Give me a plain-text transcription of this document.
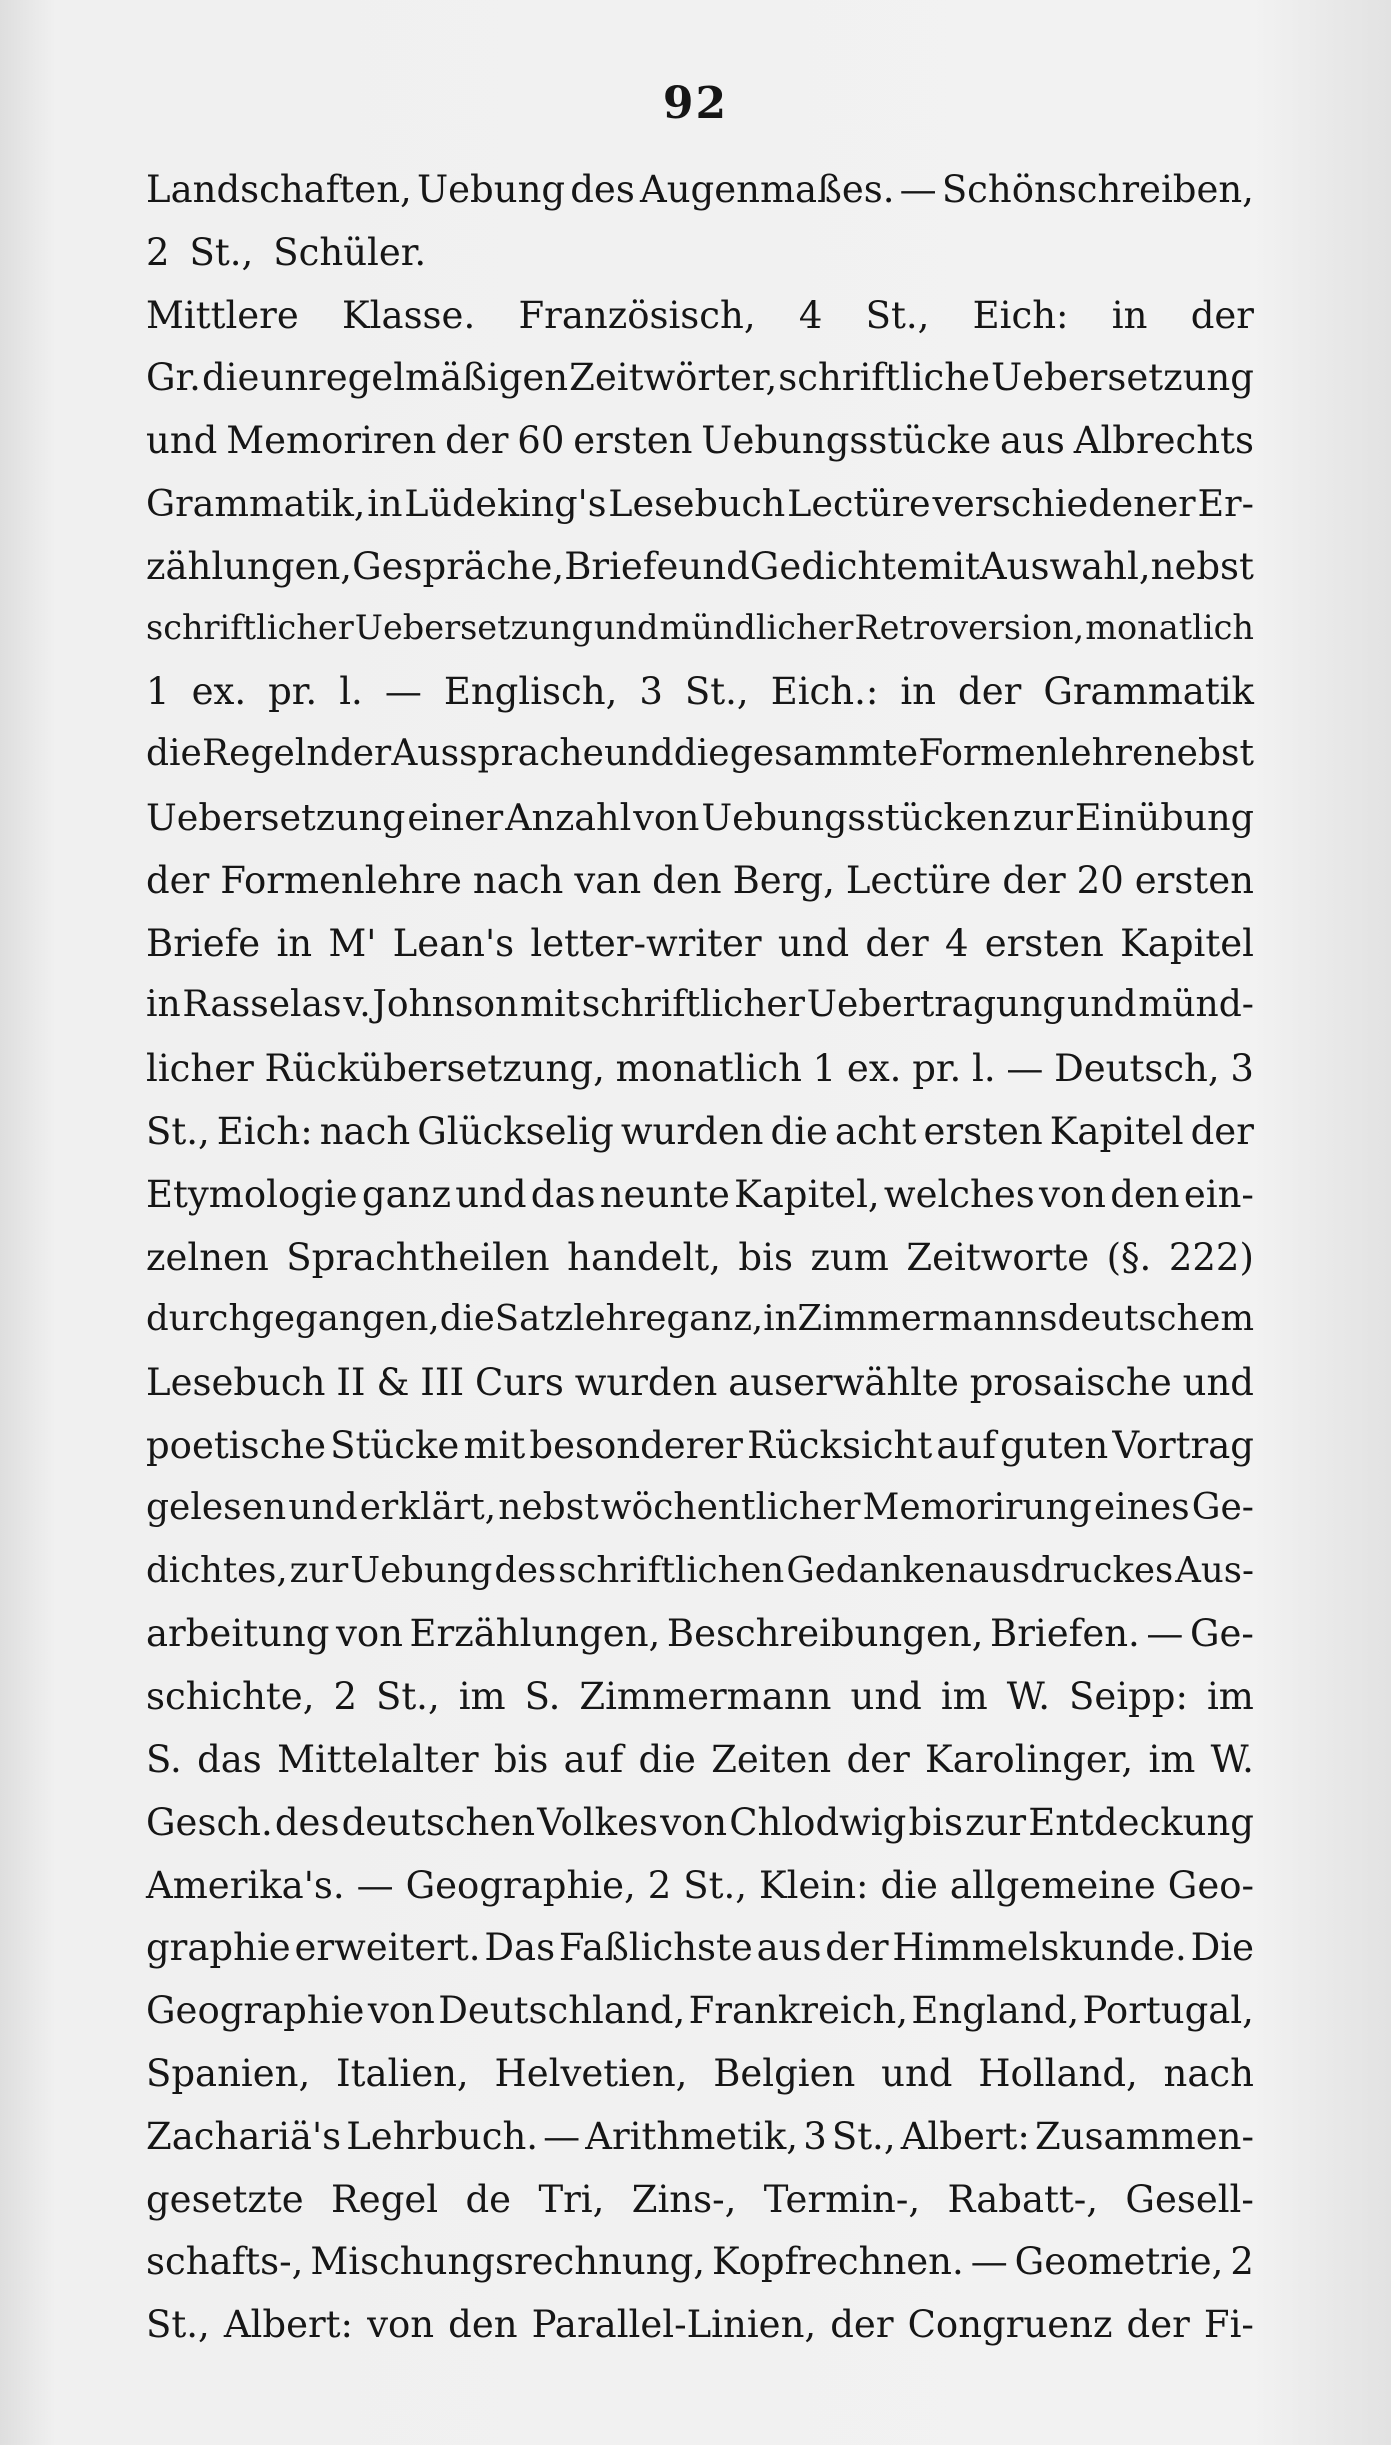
92
Landschaften, Uebung des Augenmaßes. — Schönschreiben,
2 St., Schüler.
Mittlere Klasse. Französisch, 4 St., Eich: in der
Gr. die unregelmäßigen Zeitwörter, schriftliche Uebersetzung
und Memoriren der 60 ersten Uebungsstücke aus Albrechts
Grammatik, in Lüdeking's Lesebuch Lectüre verschiedener Er-
zählungen, Gespräche, Briefe und Gedichte mit Auswahl, nebst
schriftlicher Uebersetzung und mündlicher Retroversion, monatlich
1 ex. pr. l. — Englisch, 3 St., Eich.: in der Grammatik
die Regeln der Aussprache und die gesammte Formenlehre nebst
Uebersetzung einer Anzahl von Uebungsstücken zur Einübung
der Formenlehre nach van den Berg, Lectüre der 20 ersten
Briefe in M' Lean's letter-writer und der 4 ersten Kapitel
in Rasselas v. Johnson mit schriftlicher Uebertragung und münd-
licher Rückübersetzung, monatlich 1 ex. pr. l. — Deutsch, 3
St., Eich: nach Glückselig wurden die acht ersten Kapitel der
Etymologie ganz und das neunte Kapitel, welches von den ein-
zelnen Sprachtheilen handelt, bis zum Zeitworte (§. 222)
durchgegangen, die Satzlehre ganz, in Zimmermanns deutschem
Lesebuch II & III Curs wurden auserwählte prosaische und
poetische Stücke mit besonderer Rücksicht auf guten Vortrag
gelesen und erklärt, nebst wöchentlicher Memorirung eines Ge-
dichtes, zur Uebung des schriftlichen Gedankenausdruckes Aus-
arbeitung von Erzählungen, Beschreibungen, Briefen. — Ge-
schichte, 2 St., im S. Zimmermann und im W. Seipp: im
S. das Mittelalter bis auf die Zeiten der Karolinger, im W.
Gesch. des deutschen Volkes von Chlodwig bis zur Entdeckung
Amerika's. — Geographie, 2 St., Klein: die allgemeine Geo-
graphie erweitert. Das Faßlichste aus der Himmelskunde. Die
Geographie von Deutschland, Frankreich, England, Portugal,
Spanien, Italien, Helvetien, Belgien und Holland, nach
Zachariä's Lehrbuch. — Arithmetik, 3 St., Albert: Zusammen-
gesetzte Regel de Tri, Zins-, Termin-, Rabatt-, Gesell-
schafts-, Mischungsrechnung, Kopfrechnen. — Geometrie, 2
St., Albert: von den Parallel-Linien, der Congruenz der Fi-
